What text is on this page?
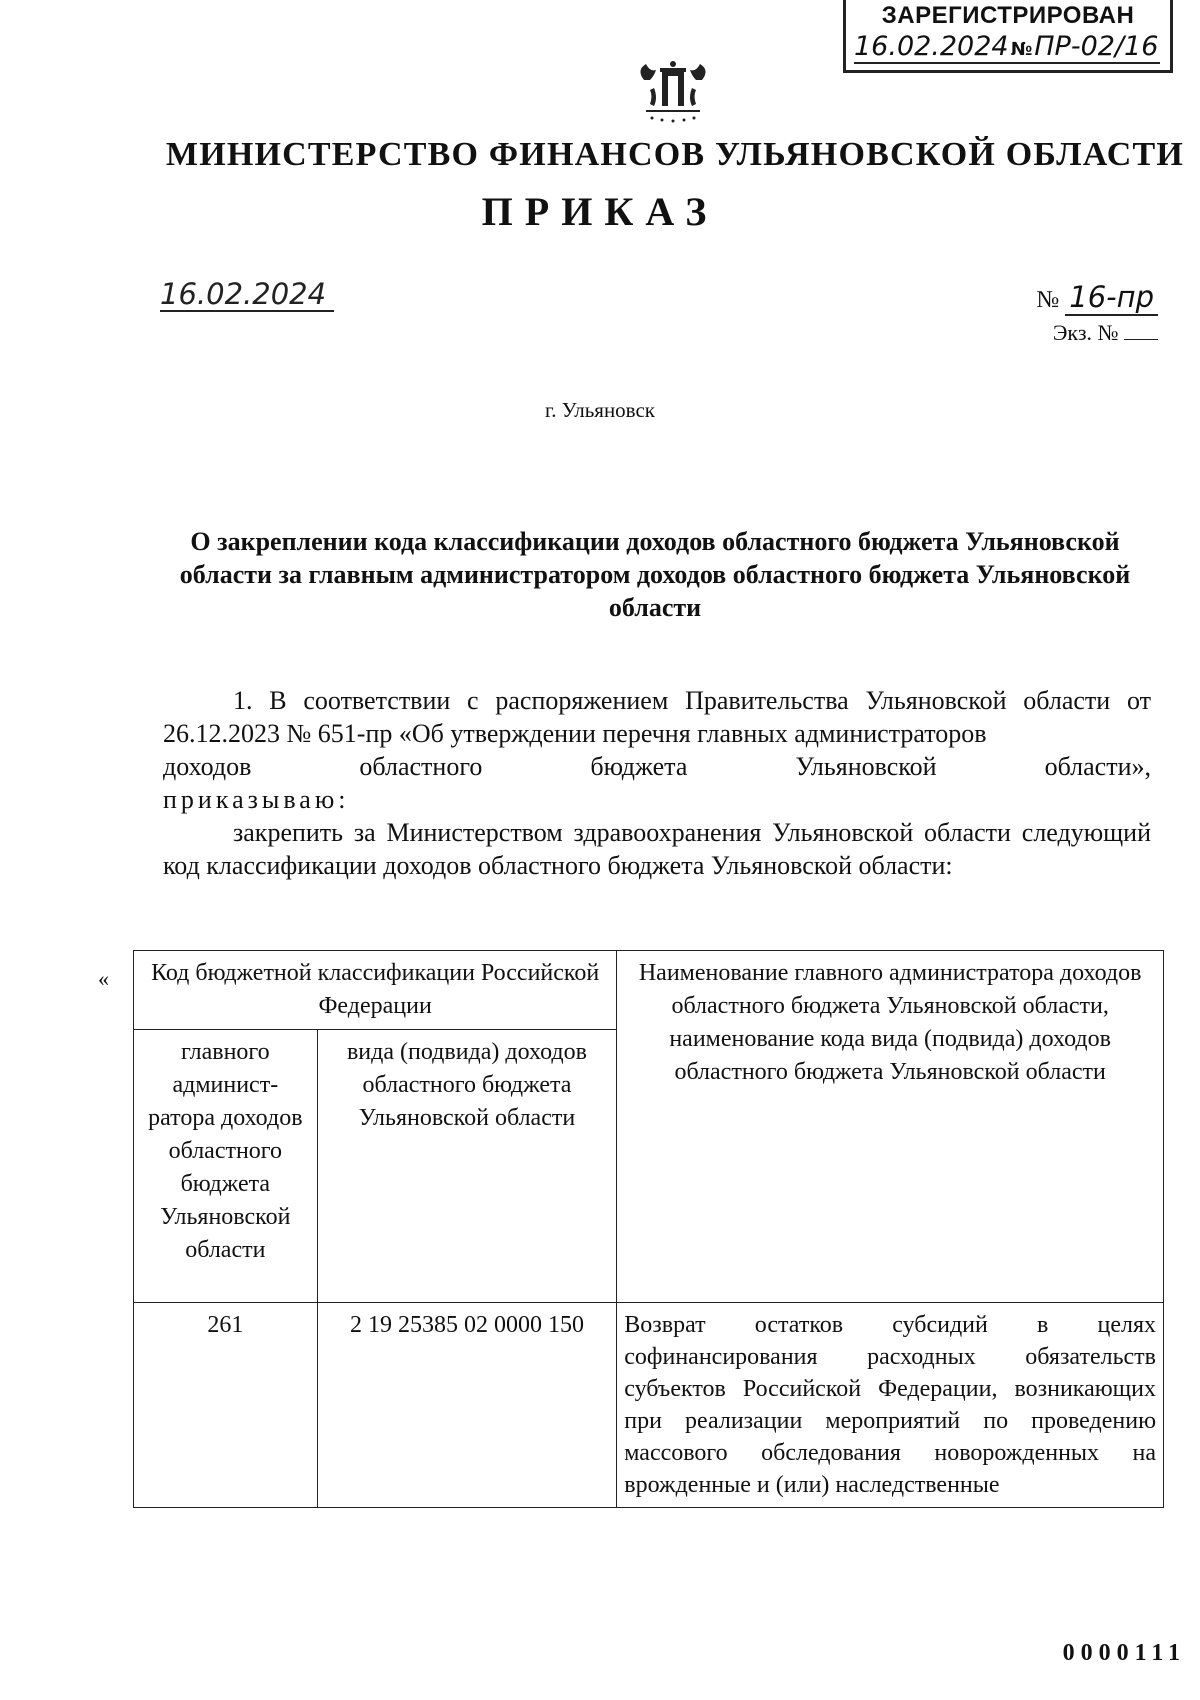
ЗАРЕГИСТРИРОВАН
16.02.2024 №ПР-02/16
МИНИСТЕРСТВО ФИНАНСОВ УЛЬЯНОВСКОЙ ОБЛАСТИ
ПРИКАЗ
16.02.2024	№ 16-пр
Экз. №
г. Ульяновск
О закреплении кода классификации доходов областного бюджета Ульяновской области за главным администратором доходов областного бюджета Ульяновской области

1. В соответствии с распоряжением Правительства Ульяновской области от 26.12.2023 № 651-пр «Об утверждении перечня главных администраторов

доходов областного бюджета Ульяновской области»,

приказываю:

закрепить за Министерством здравоохранения Ульяновской области следующий код классификации доходов областного бюджета Ульяновской области:

« Код бюджетной классификации Российской Федерации		Наименование главного администратора доходов областного бюджета Ульяновской области, наименование кода вида (подвида) доходов областного бюджета Ульяновской области
главного админист-ратора доходов областного бюджета Ульяновской области	вида (подвида) доходов областного бюджета Ульяновской области	
261	2 19 25385 02 0000 150	Возврат остатков субсидий в целях софинансирования расходных обязательств субъектов Российской Федерации, возникающих при реализации мероприятий по проведению массового обследования новорожденных на врожденные и (или) наследственные
0000111
